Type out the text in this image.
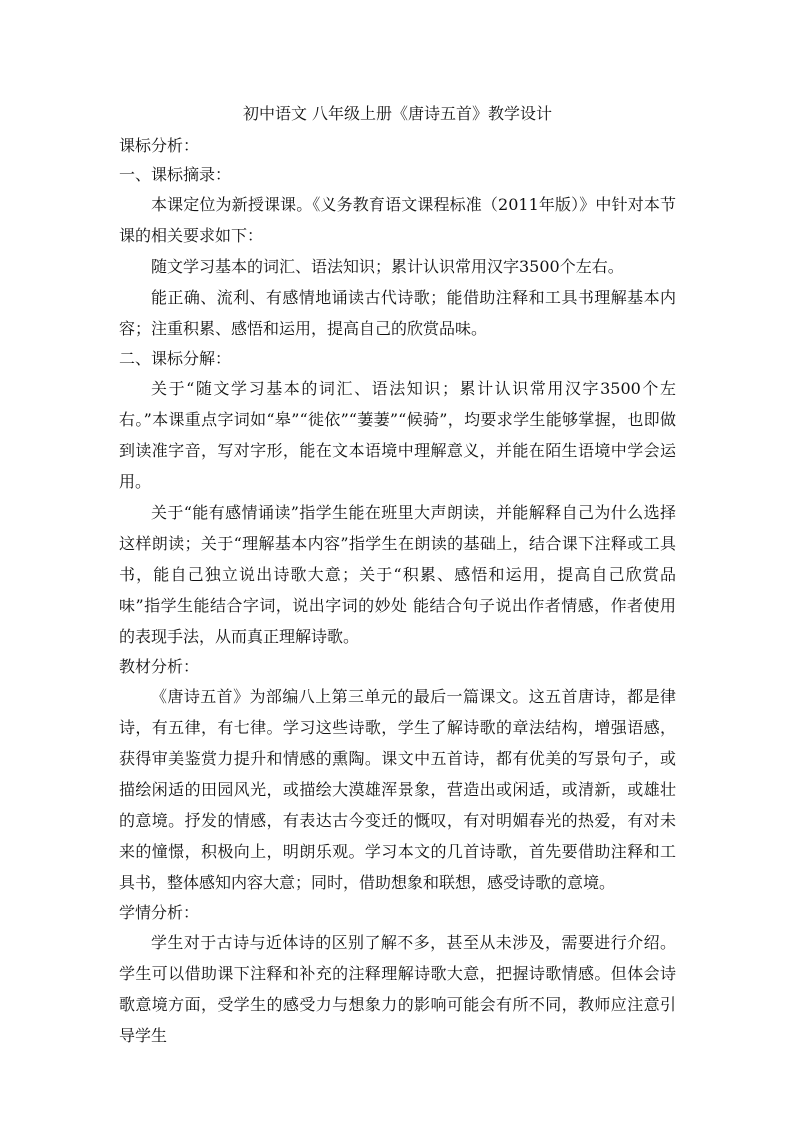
初中语文 八年级上册《唐诗五首》教学设计
课标分析：
一、课标摘录：

本课定位为新授课课。《义务教育语文课程标准（2011年版）》中针对本节课的相关要求如下：

随文学习基本的词汇、语法知识；累计认识常用汉字3500个左右。

能正确、流利、有感情地诵读古代诗歌；能借助注释和工具书理解基本内容；注重积累、感悟和运用，提高自己的欣赏品味。

二、课标分解：

关于“随文学习基本的词汇、语法知识；累计认识常用汉字3500个左右。”本课重点字词如“皋”“徙依”“萋萋”“候骑”，均要求学生能够掌握，也即做到读准字音，写对字形，能在文本语境中理解意义，并能在陌生语境中学会运用。

关于“能有感情诵读”指学生能在班里大声朗读，并能解释自己为什么选择这样朗读；关于“理解基本内容”指学生在朗读的基础上，结合课下注释或工具书，能自己独立说出诗歌大意；关于“积累、感悟和运用，提高自己欣赏品味”指学生能结合字词，说出字词的妙处 能结合句子说出作者情感，作者使用的表现手法，从而真正理解诗歌。

教材分析：

《唐诗五首》为部编八上第三单元的最后一篇课文。这五首唐诗，都是律诗，有五律，有七律。学习这些诗歌，学生了解诗歌的章法结构，增强语感，获得审美鉴赏力提升和情感的熏陶。课文中五首诗，都有优美的写景句子，或描绘闲适的田园风光，或描绘大漠雄浑景象，营造出或闲适，或清新，或雄壮的意境。抒发的情感，有表达古今变迁的慨叹，有对明媚春光的热爱，有对未来的憧憬，积极向上，明朗乐观。学习本文的几首诗歌，首先要借助注释和工具书，整体感知内容大意；同时，借助想象和联想，感受诗歌的意境。

学情分析：

学生对于古诗与近体诗的区别了解不多，甚至从未涉及，需要进行介绍。学生可以借助课下注释和补充的注释理解诗歌大意，把握诗歌情感。但体会诗歌意境方面，受学生的感受力与想象力的影响可能会有所不同，教师应注意引导学生
